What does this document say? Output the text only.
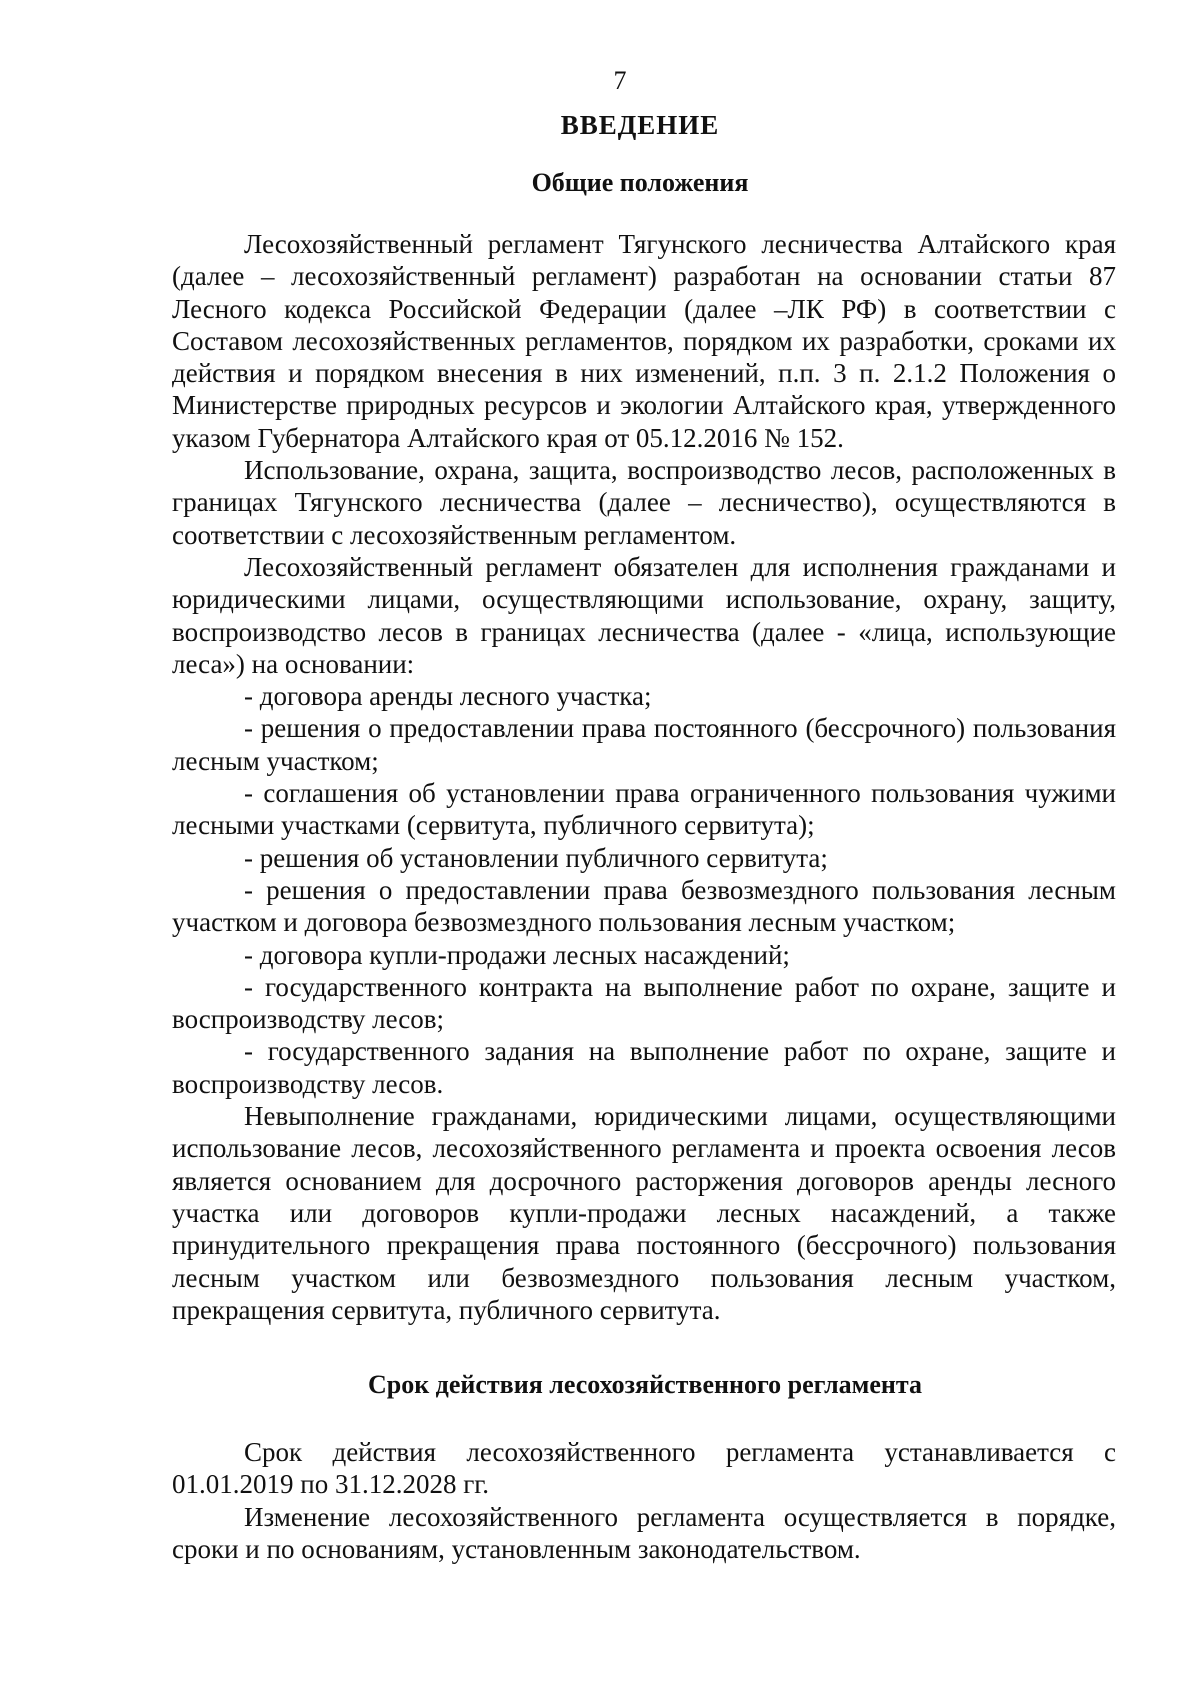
7
ВВЕДЕНИЕ
Общие положения

Лесохозяйственный регламент Тягунского лесничества Алтайского края (далее – лесохозяйственный регламент) разработан на основании статьи 87 Лесного кодекса Российской Федерации (далее –ЛК РФ) в соответствии с Составом лесохозяйственных регламентов, порядком их разработки, сроками их действия и порядком внесения в них изменений, п.п. 3 п. 2.1.2 Положения о Министерстве природных ресурсов и экологии Алтайского края, утвержденного указом Губернатора Алтайского края от 05.12.2016 № 152.

Использование, охрана, защита, воспроизводство лесов, расположенных в границах Тягунского лесничества (далее – лесничество), осуществляются в соответствии с лесохозяйственным регламентом.

Лесохозяйственный регламент обязателен для исполнения гражданами и юридическими лицами, осуществляющими использование, охрану, защиту, воспроизводство лесов в границах лесничества (далее - «лица, использующие леса») на основании:

- договора аренды лесного участка;

- решения о предоставлении права постоянного (бессрочного) пользования лесным участком;

- соглашения об установлении права ограниченного пользования чужими лесными участками (сервитута, публичного сервитута);

- решения об установлении публичного сервитута;

- решения о предоставлении права безвозмездного пользования лесным участком и договора безвозмездного пользования лесным участком;

- договора купли-продажи лесных насаждений;

- государственного контракта на выполнение работ по охране, защите и воспроизводству лесов;

- государственного задания на выполнение работ по охране, защите и воспроизводству лесов.

Невыполнение гражданами, юридическими лицами, осуществляющими использование лесов, лесохозяйственного регламента и проекта освоения лесов является основанием для досрочного расторжения договоров аренды лесного участка или договоров купли-продажи лесных насаждений, а также принудительного прекращения права постоянного (бессрочного) пользования лесным участком или безвозмездного пользования лесным участком, прекращения сервитута, публичного сервитута.

Срок действия лесохозяйственного регламента

Срок действия лесохозяйственного регламента устанавливается с 01.01.2019 по 31.12.2028 гг.

Изменение лесохозяйственного регламента осуществляется в порядке, сроки и по основаниям, установленным законодательством.
